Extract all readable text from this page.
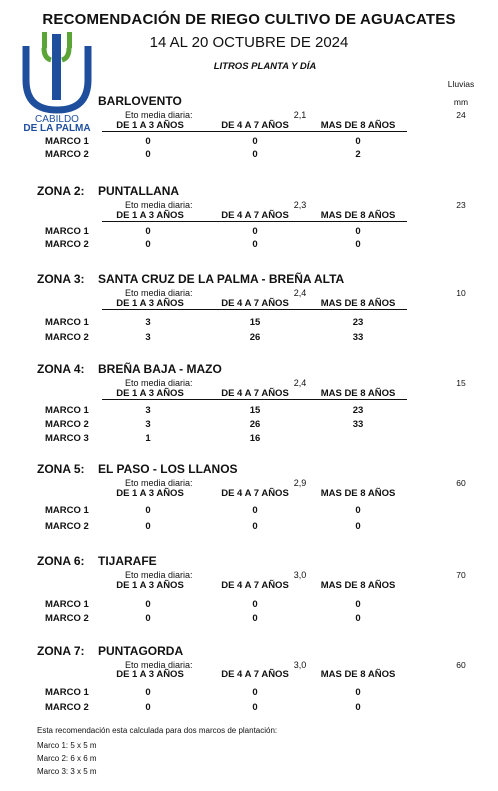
RECOMENDACIÓN DE RIEGO CULTIVO DE AGUACATES
14 AL 20 OCTUBRE DE 2024
LITROS PLANTA Y DÍA
CABILDO
DE LA PALMA
Lluvias
mm
BARLOVENTO
Eto media diaria:	2,1	24
DE 1 A 3 AÑOS	DE 4 A 7 AÑOS	MAS DE 8 AÑOS
MARCO 1	0	0	0
MARCO 2	0	0	2
ZONA 2: PUNTALLANA
Eto media diaria:	2,3	23
DE 1 A 3 AÑOS	DE 4 A 7 AÑOS	MAS DE 8 AÑOS
MARCO 1	0	0	0
MARCO 2	0	0	0
ZONA 3: SANTA CRUZ DE LA PALMA - BREÑA ALTA
Eto media diaria:	2,4	10
DE 1 A 3 AÑOS	DE 4 A 7 AÑOS	MAS DE 8 AÑOS
MARCO 1	3	15	23
MARCO 2	3	26	33
ZONA 4: BREÑA BAJA - MAZO
Eto media diaria:	2,4	15
DE 1 A 3 AÑOS	DE 4 A 7 AÑOS	MAS DE 8 AÑOS
MARCO 1	3	15	23
MARCO 2	3	26	33
MARCO 3	1	16
ZONA 5: EL PASO - LOS LLANOS
Eto media diaria:	2,9	60
DE 1 A 3 AÑOS	DE 4 A 7 AÑOS	MAS DE 8 AÑOS
MARCO 1	0	0	0
MARCO 2	0	0	0
ZONA 6: TIJARAFE
Eto media diaria:	3,0	70
DE 1 A 3 AÑOS	DE 4 A 7 AÑOS	MAS DE 8 AÑOS
MARCO 1	0	0	0
MARCO 2	0	0	0
ZONA 7: PUNTAGORDA
Eto media diaria:	3,0	60
DE 1 A 3 AÑOS	DE 4 A 7 AÑOS	MAS DE 8 AÑOS
MARCO 1	0	0	0
MARCO 2	0	0	0
Esta recomendación esta calculada para dos marcos de plantación:
Marco 1: 5 x 5 m
Marco 2: 6 x 6 m
Marco 3: 3 x 5 m
